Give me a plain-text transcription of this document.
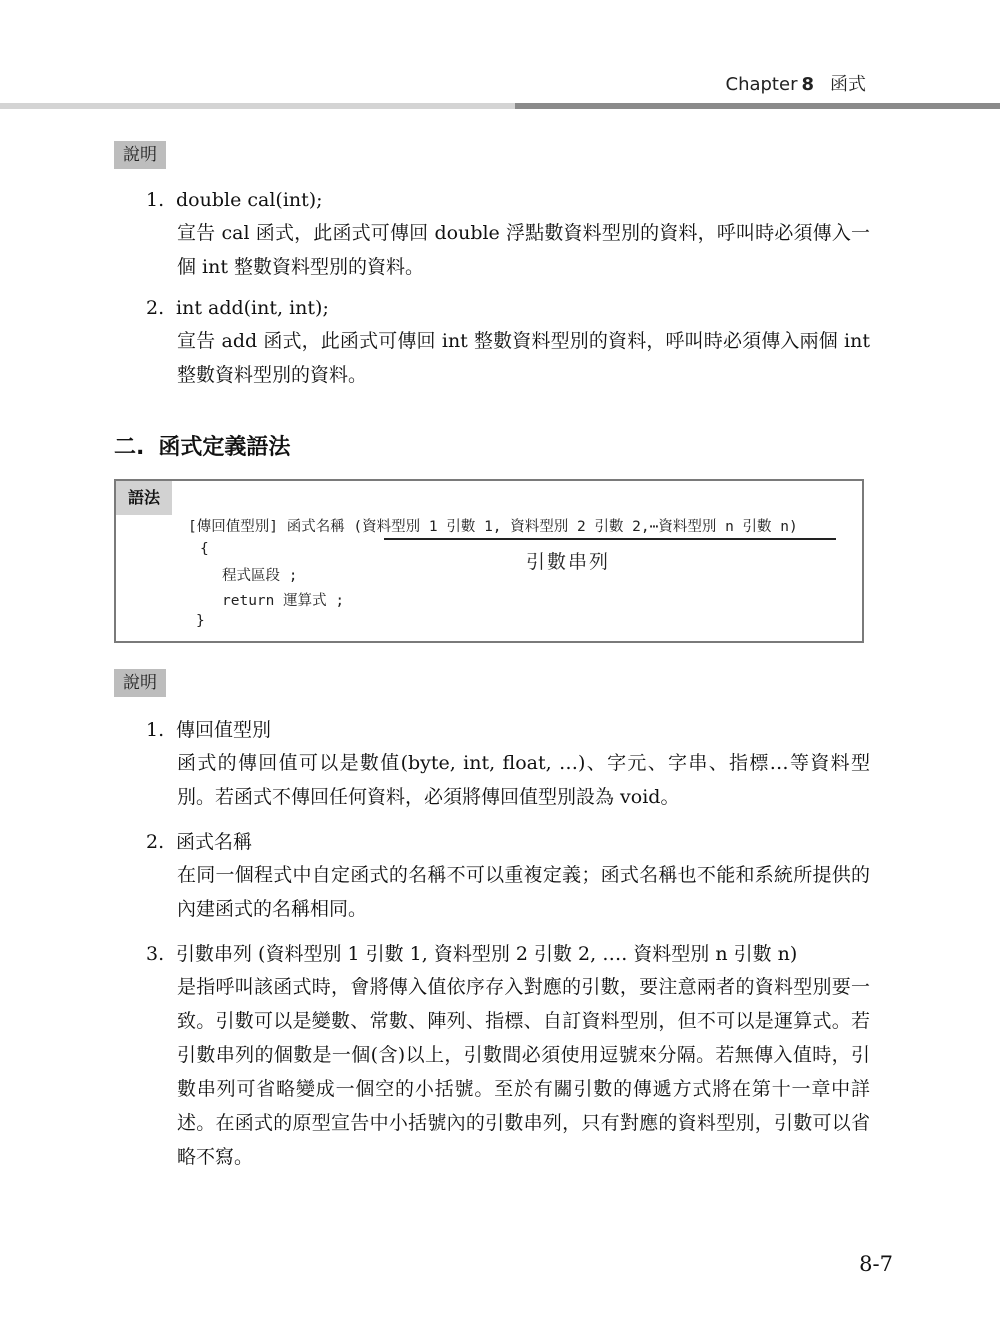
Chapter 8 函式
說明
1. double cal(int);
宣告 cal 函式，此函式可傳回 double 浮點數資料型別的資料，呼叫時必須傳入一個 int 整數資料型別的資料。
2. int add(int, int);
宣告 add 函式，此函式可傳回 int 整數資料型別的資料，呼叫時必須傳入兩個 int 整數資料型別的資料。
二. 函式定義語法
語法
[傳回值型別] 函式名稱 (資料型別 1 引數 1, 資料型別 2 引數 2,⋯資料型別 n 引數 n)
引數串列
{
程式區段 ;
return 運算式 ;
}
說明
1. 傳回值型別
函式的傳回值可以是數值(byte, int, float, …)、字元、字串、指標…等資料型別。若函式不傳回任何資料，必須將傳回值型別設為 void。
2. 函式名稱
在同一個程式中自定函式的名稱不可以重複定義；函式名稱也不能和系統所提供的內建函式的名稱相同。
3. 引數串列 (資料型別 1 引數 1, 資料型別 2 引數 2, …. 資料型別 n 引數 n)
是指呼叫該函式時，會將傳入值依序存入對應的引數，要注意兩者的資料型別要一致。引數可以是變數、常數、陣列、指標、自訂資料型別，但不可以是運算式。若引數串列的個數是一個(含)以上，引數間必須使用逗號來分隔。若無傳入值時，引數串列可省略變成一個空的小括號。至於有關引數的傳遞方式將在第十一章中詳述。在函式的原型宣告中小括號內的引數串列，只有對應的資料型別，引數可以省略不寫。
8-7
